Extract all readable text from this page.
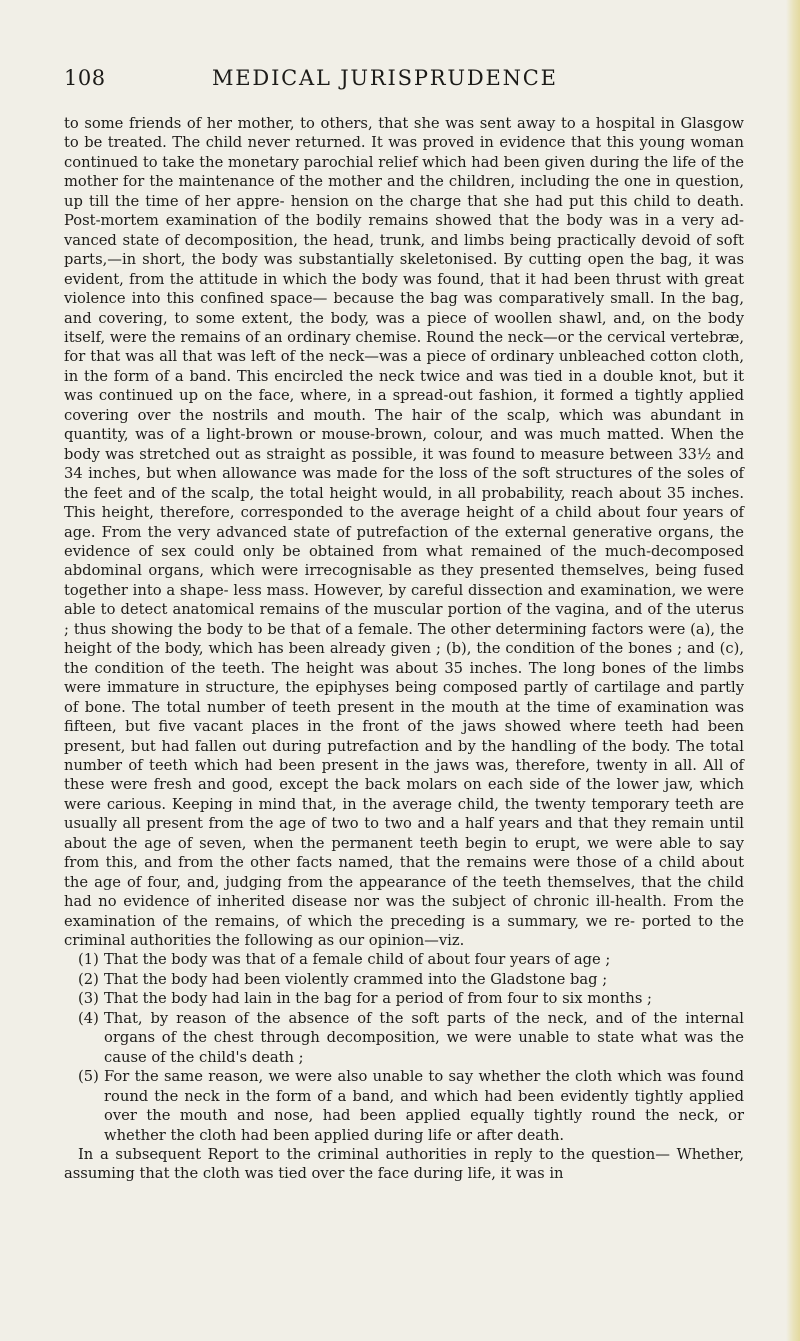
108	MEDICAL JURISPRUDENCE

to some friends of her mother, to others, that she was sent away to a hospital in Glasgow to be treated. The child never returned. It was proved in evidence that this young woman continued to take the monetary parochial relief which had been given during the life of the mother for the maintenance of the mother and the children, including the one in question, up till the time of her appre- hension on the charge that she had put this child to death. Post-mortem examination of the bodily remains showed that the body was in a very ad- vanced state of decomposition, the head, trunk, and limbs being practically devoid of soft parts,—in short, the body was substantially skeletonised. By cutting open the bag, it was evident, from the attitude in which the body was found, that it had been thrust with great violence into this confined space— because the bag was comparatively small. In the bag, and covering, to some extent, the body, was a piece of woollen shawl, and, on the body itself, were the remains of an ordinary chemise. Round the neck—or the cervical vertebræ, for that was all that was left of the neck—was a piece of ordinary unbleached cotton cloth, in the form of a band. This encircled the neck twice and was tied in a double knot, but it was continued up on the face, where, in a spread-out fashion, it formed a tightly applied covering over the nostrils and mouth. The hair of the scalp, which was abundant in quantity, was of a light-brown or mouse-brown, colour, and was much matted. When the body was stretched out as straight as possible, it was found to measure between 33½ and 34 inches, but when allowance was made for the loss of the soft structures of the soles of the feet and of the scalp, the total height would, in all probability, reach about 35 inches. This height, therefore, corresponded to the average height of a child about four years of age. From the very advanced state of putrefaction of the external generative organs, the evidence of sex could only be obtained from what remained of the much-decomposed abdominal organs, which were irrecognisable as they presented themselves, being fused together into a shape- less mass. However, by careful dissection and examination, we were able to detect anatomical remains of the muscular portion of the vagina, and of the uterus ; thus showing the body to be that of a female. The other determining factors were (a), the height of the body, which has been already given ; (b), the condition of the bones ; and (c), the condition of the teeth. The height was about 35 inches. The long bones of the limbs were immature in structure, the epiphyses being composed partly of cartilage and partly of bone. The total number of teeth present in the mouth at the time of examination was fifteen, but five vacant places in the front of the jaws showed where teeth had been present, but had fallen out during putrefaction and by the handling of the body. The total number of teeth which had been present in the jaws was, therefore, twenty in all. All of these were fresh and good, except the back molars on each side of the lower jaw, which were carious. Keeping in mind that, in the average child, the twenty temporary teeth are usually all present from the age of two to two and a half years and that they remain until about the age of seven, when the permanent teeth begin to erupt, we were able to say from this, and from the other facts named, that the remains were those of a child about the age of four, and, judging from the appearance of the teeth themselves, that the child had no evidence of inherited disease nor was the subject of chronic ill-health. From the examination of the remains, of which the preceding is a summary, we re- ported to the criminal authorities the following as our opinion—viz.

(1) That the body was that of a female child of about four years of age ;
(2) That the body had been violently crammed into the Gladstone bag ;
(3) That the body had lain in the bag for a period of from four to six months ;
(4) That, by reason of the absence of the soft parts of the neck, and of the internal organs of the chest through decomposition, we were unable to state what was the cause of the child's death ;
(5) For the same reason, we were also unable to say whether the cloth which was found round the neck in the form of a band, and which had been evidently tightly applied over the mouth and nose, had been applied equally tightly round the neck, or whether the cloth had been applied during life or after death.

In a subsequent Report to the criminal authorities in reply to the question— Whether, assuming that the cloth was tied over the face during life, it was in
